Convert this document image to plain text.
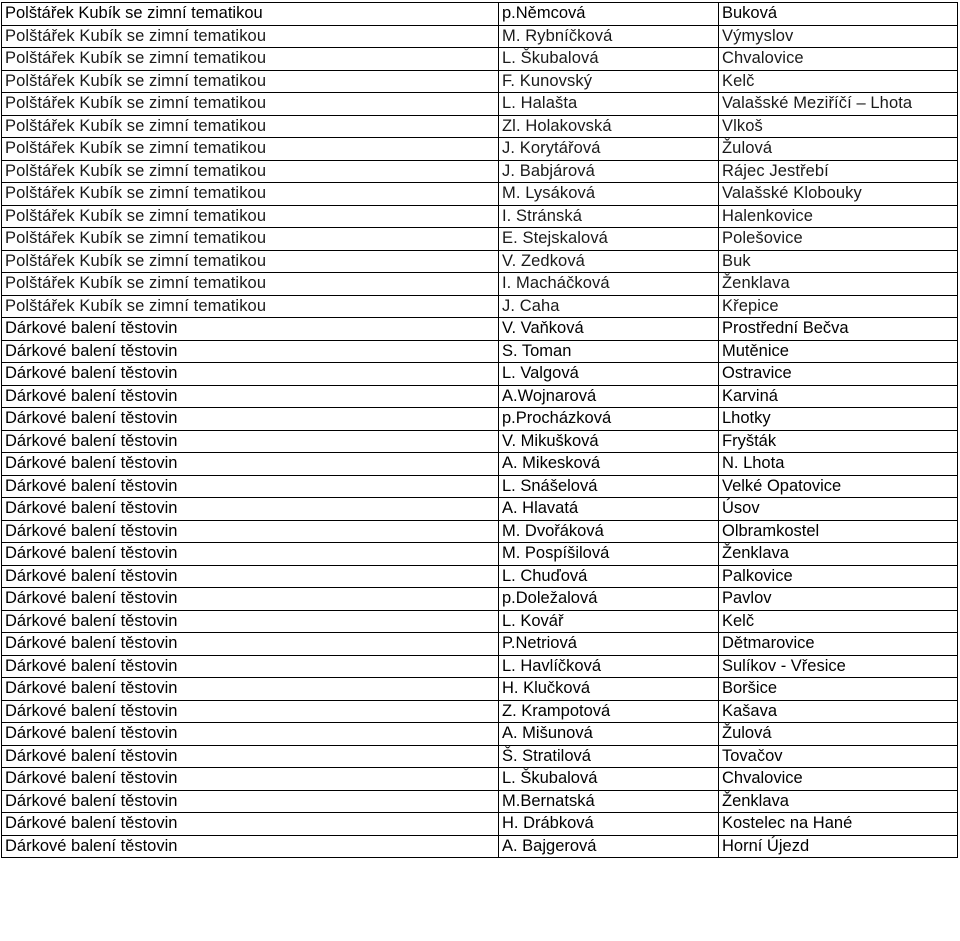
Polštářek Kubík se zimní tematikou	p.Němcová	Buková
Polštářek Kubík se zimní tematikou	M. Rybníčková	Výmyslov
Polštářek Kubík se zimní tematikou	L. Škubalová	Chvalovice
Polštářek Kubík se zimní tematikou	F. Kunovský	Kelč
Polštářek Kubík se zimní tematikou	L. Halašta	Valašské Meziříčí – Lhota
Polštářek Kubík se zimní tematikou	Zl. Holakovská	Vlkoš
Polštářek Kubík se zimní tematikou	J. Korytářová	Žulová
Polštářek Kubík se zimní tematikou	J. Babjárová	Rájec Jestřebí
Polštářek Kubík se zimní tematikou	M. Lysáková	Valašské Klobouky
Polštářek Kubík se zimní tematikou	I. Stránská	Halenkovice
Polštářek Kubík se zimní tematikou	E. Stejskalová	Polešovice
Polštářek Kubík se zimní tematikou	V. Zedková	Buk
Polštářek Kubík se zimní tematikou	I. Macháčková	Ženklava
Polštářek Kubík se zimní tematikou	J. Caha	Křepice
Dárkové balení těstovin	V. Vaňková	Prostřední Bečva
Dárkové balení těstovin	S. Toman	Mutěnice
Dárkové balení těstovin	L. Valgová	Ostravice
Dárkové balení těstovin	A.Wojnarová	Karviná
Dárkové balení těstovin	p.Procházková	Lhotky
Dárkové balení těstovin	V. Mikušková	Fryšták
Dárkové balení těstovin	A. Mikesková	N. Lhota
Dárkové balení těstovin	L. Snášelová	Velké Opatovice
Dárkové balení těstovin	A. Hlavatá	Úsov
Dárkové balení těstovin	M. Dvořáková	Olbramkostel
Dárkové balení těstovin	M. Pospíšilová	Ženklava
Dárkové balení těstovin	L. Chuďová	Palkovice
Dárkové balení těstovin	p.Doležalová	Pavlov
Dárkové balení těstovin	L. Kovář	Kelč
Dárkové balení těstovin	P.Netriová	Dětmarovice
Dárkové balení těstovin	L. Havlíčková	Sulíkov - Vřesice
Dárkové balení těstovin	H. Klučková	Boršice
Dárkové balení těstovin	Z. Krampotová	Kašava
Dárkové balení těstovin	A. Mišunová	Žulová
Dárkové balení těstovin	Š. Stratilová	Tovačov
Dárkové balení těstovin	L. Škubalová	Chvalovice
Dárkové balení těstovin	M.Bernatská	Ženklava
Dárkové balení těstovin	H. Drábková	Kostelec na Hané
Dárkové balení těstovin	A. Bajgerová	Horní Újezd
